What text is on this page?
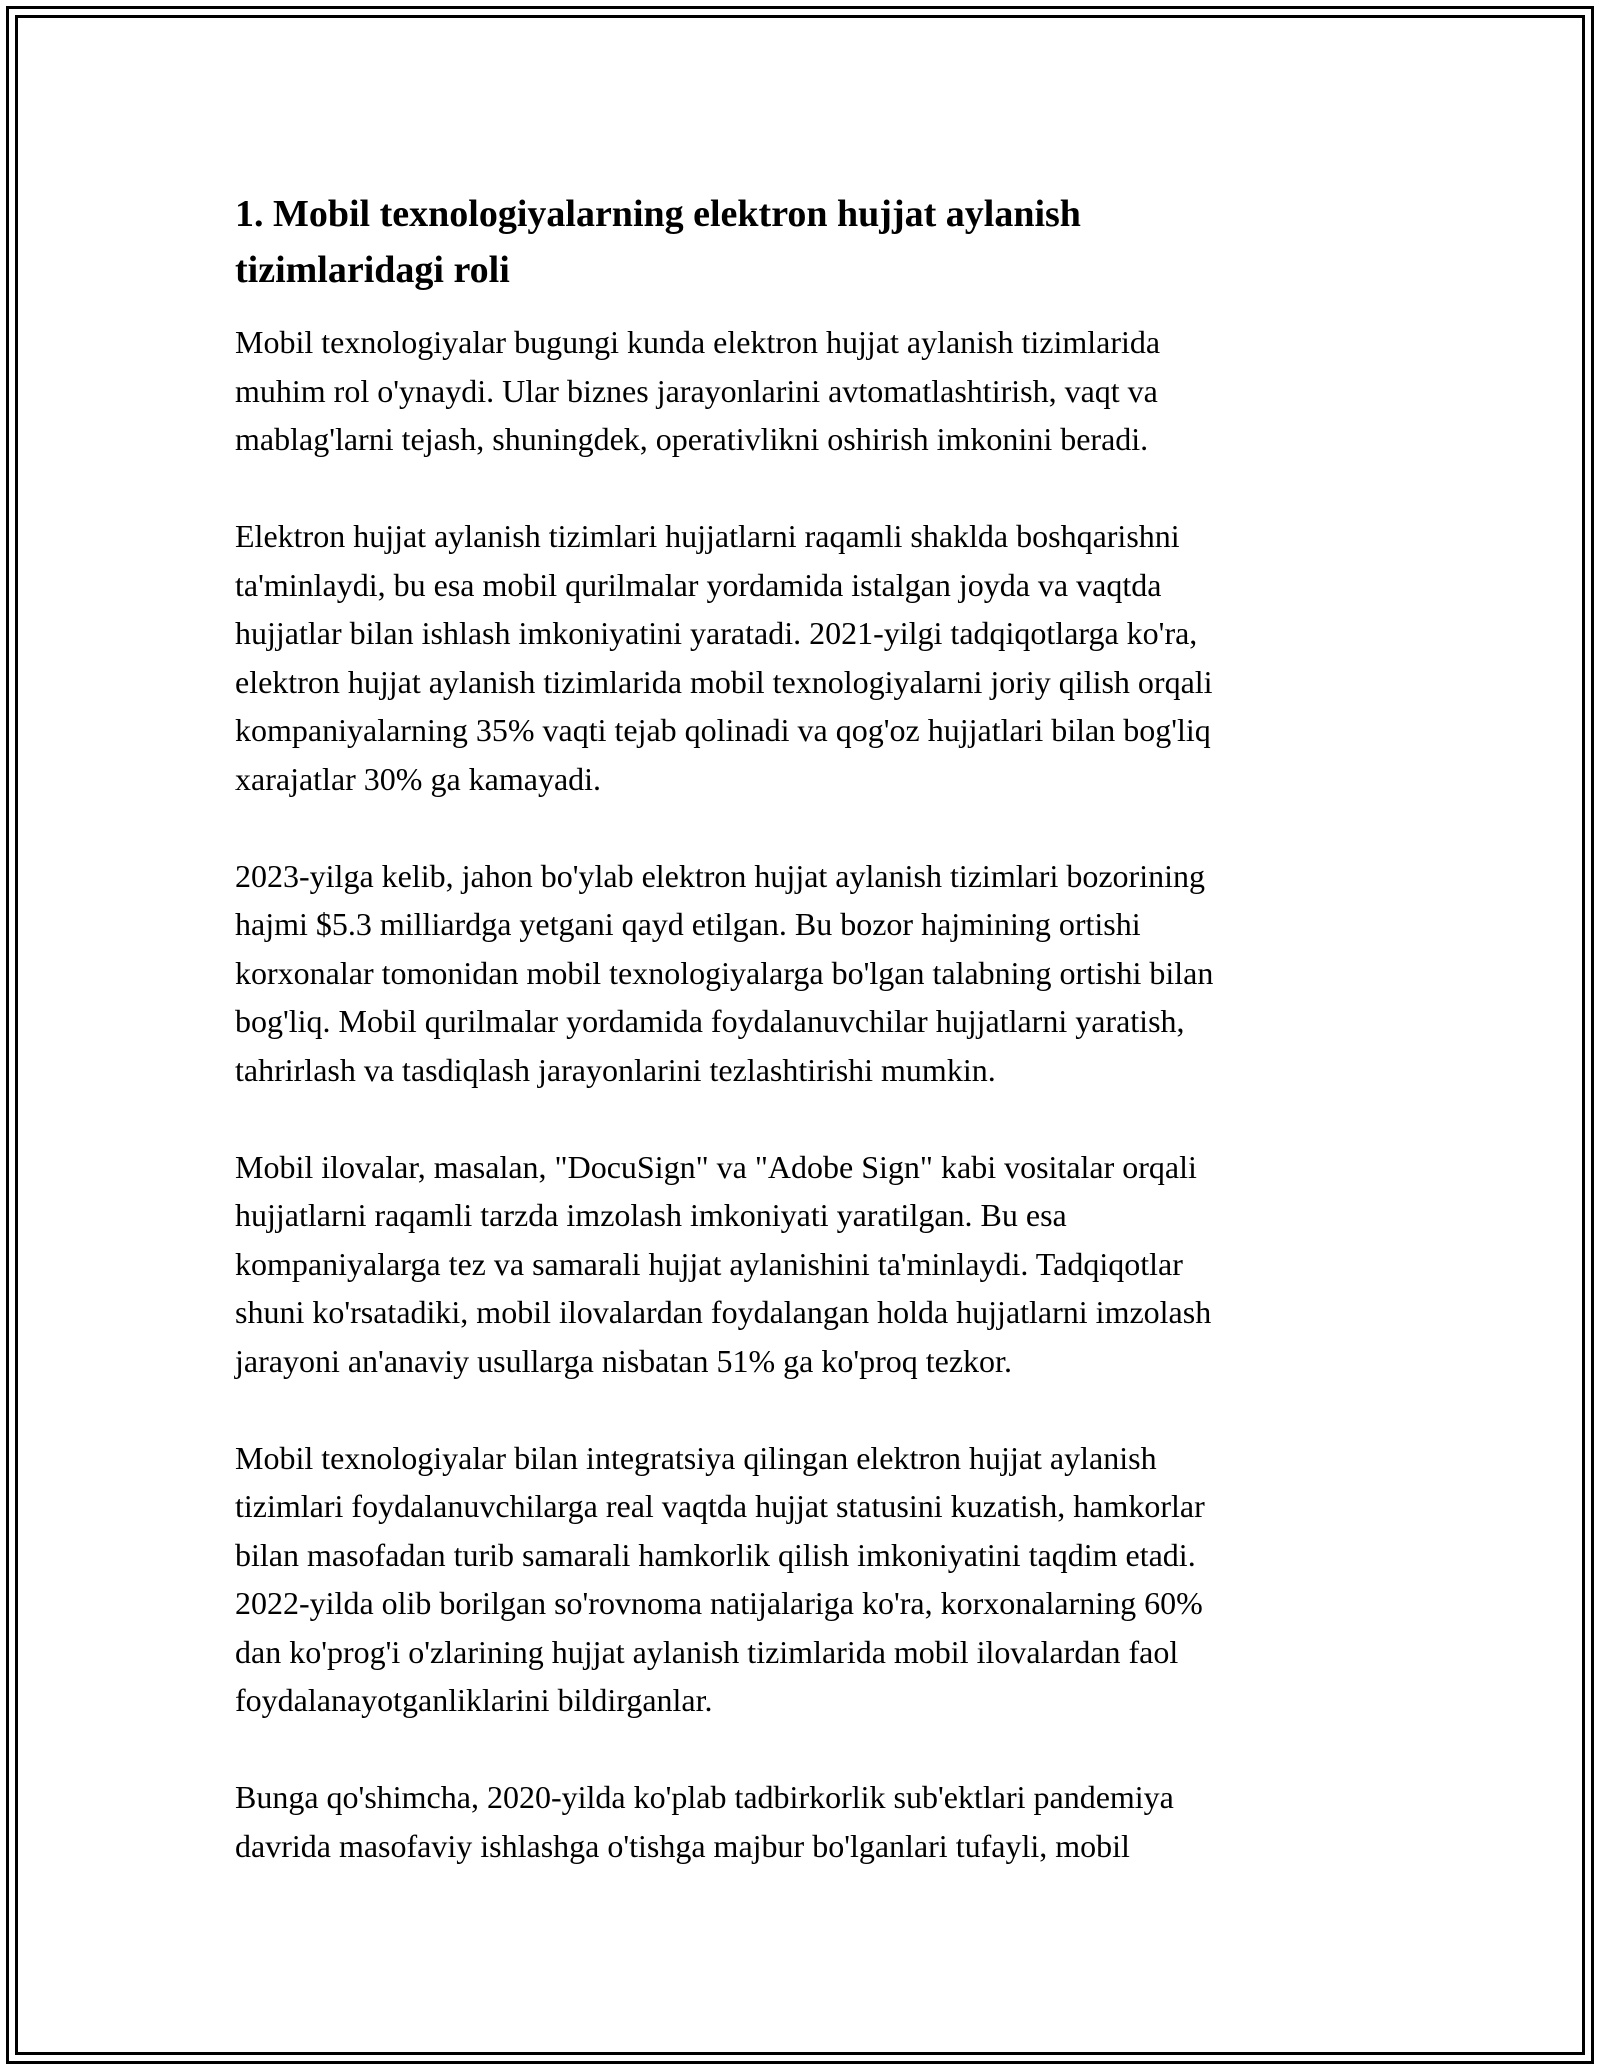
1. Mobil texnologiyalarning elektron hujjat aylanish
tizimlaridagi roli

Mobil texnologiyalar bugungi kunda elektron hujjat aylanish tizimlarida
muhim rol o'ynaydi. Ular biznes jarayonlarini avtomatlashtirish, vaqt va
mablag'larni tejash, shuningdek, operativlikni oshirish imkonini beradi.

Elektron hujjat aylanish tizimlari hujjatlarni raqamli shaklda boshqarishni
ta'minlaydi, bu esa mobil qurilmalar yordamida istalgan joyda va vaqtda
hujjatlar bilan ishlash imkoniyatini yaratadi. 2021-yilgi tadqiqotlarga ko'ra,
elektron hujjat aylanish tizimlarida mobil texnologiyalarni joriy qilish orqali
kompaniyalarning 35% vaqti tejab qolinadi va qog'oz hujjatlari bilan bog'liq
xarajatlar 30% ga kamayadi.

2023-yilga kelib, jahon bo'ylab elektron hujjat aylanish tizimlari bozorining
hajmi $5.3 milliardga yetgani qayd etilgan. Bu bozor hajmining ortishi
korxonalar tomonidan mobil texnologiyalarga bo'lgan talabning ortishi bilan
bog'liq. Mobil qurilmalar yordamida foydalanuvchilar hujjatlarni yaratish,
tahrirlash va tasdiqlash jarayonlarini tezlashtirishi mumkin.

Mobil ilovalar, masalan, "DocuSign" va "Adobe Sign" kabi vositalar orqali
hujjatlarni raqamli tarzda imzolash imkoniyati yaratilgan. Bu esa
kompaniyalarga tez va samarali hujjat aylanishini ta'minlaydi. Tadqiqotlar
shuni ko'rsatadiki, mobil ilovalardan foydalangan holda hujjatlarni imzolash
jarayoni an'anaviy usullarga nisbatan 51% ga ko'proq tezkor.

Mobil texnologiyalar bilan integratsiya qilingan elektron hujjat aylanish
tizimlari foydalanuvchilarga real vaqtda hujjat statusini kuzatish, hamkorlar
bilan masofadan turib samarali hamkorlik qilish imkoniyatini taqdim etadi.
2022-yilda olib borilgan so'rovnoma natijalariga ko'ra, korxonalarning 60%
dan ko'prog'i o'zlarining hujjat aylanish tizimlarida mobil ilovalardan faol
foydalanayotganliklarini bildirganlar.

Bunga qo'shimcha, 2020-yilda ko'plab tadbirkorlik sub'ektlari pandemiya
davrida masofaviy ishlashga o'tishga majbur bo'lganlari tufayli, mobil
